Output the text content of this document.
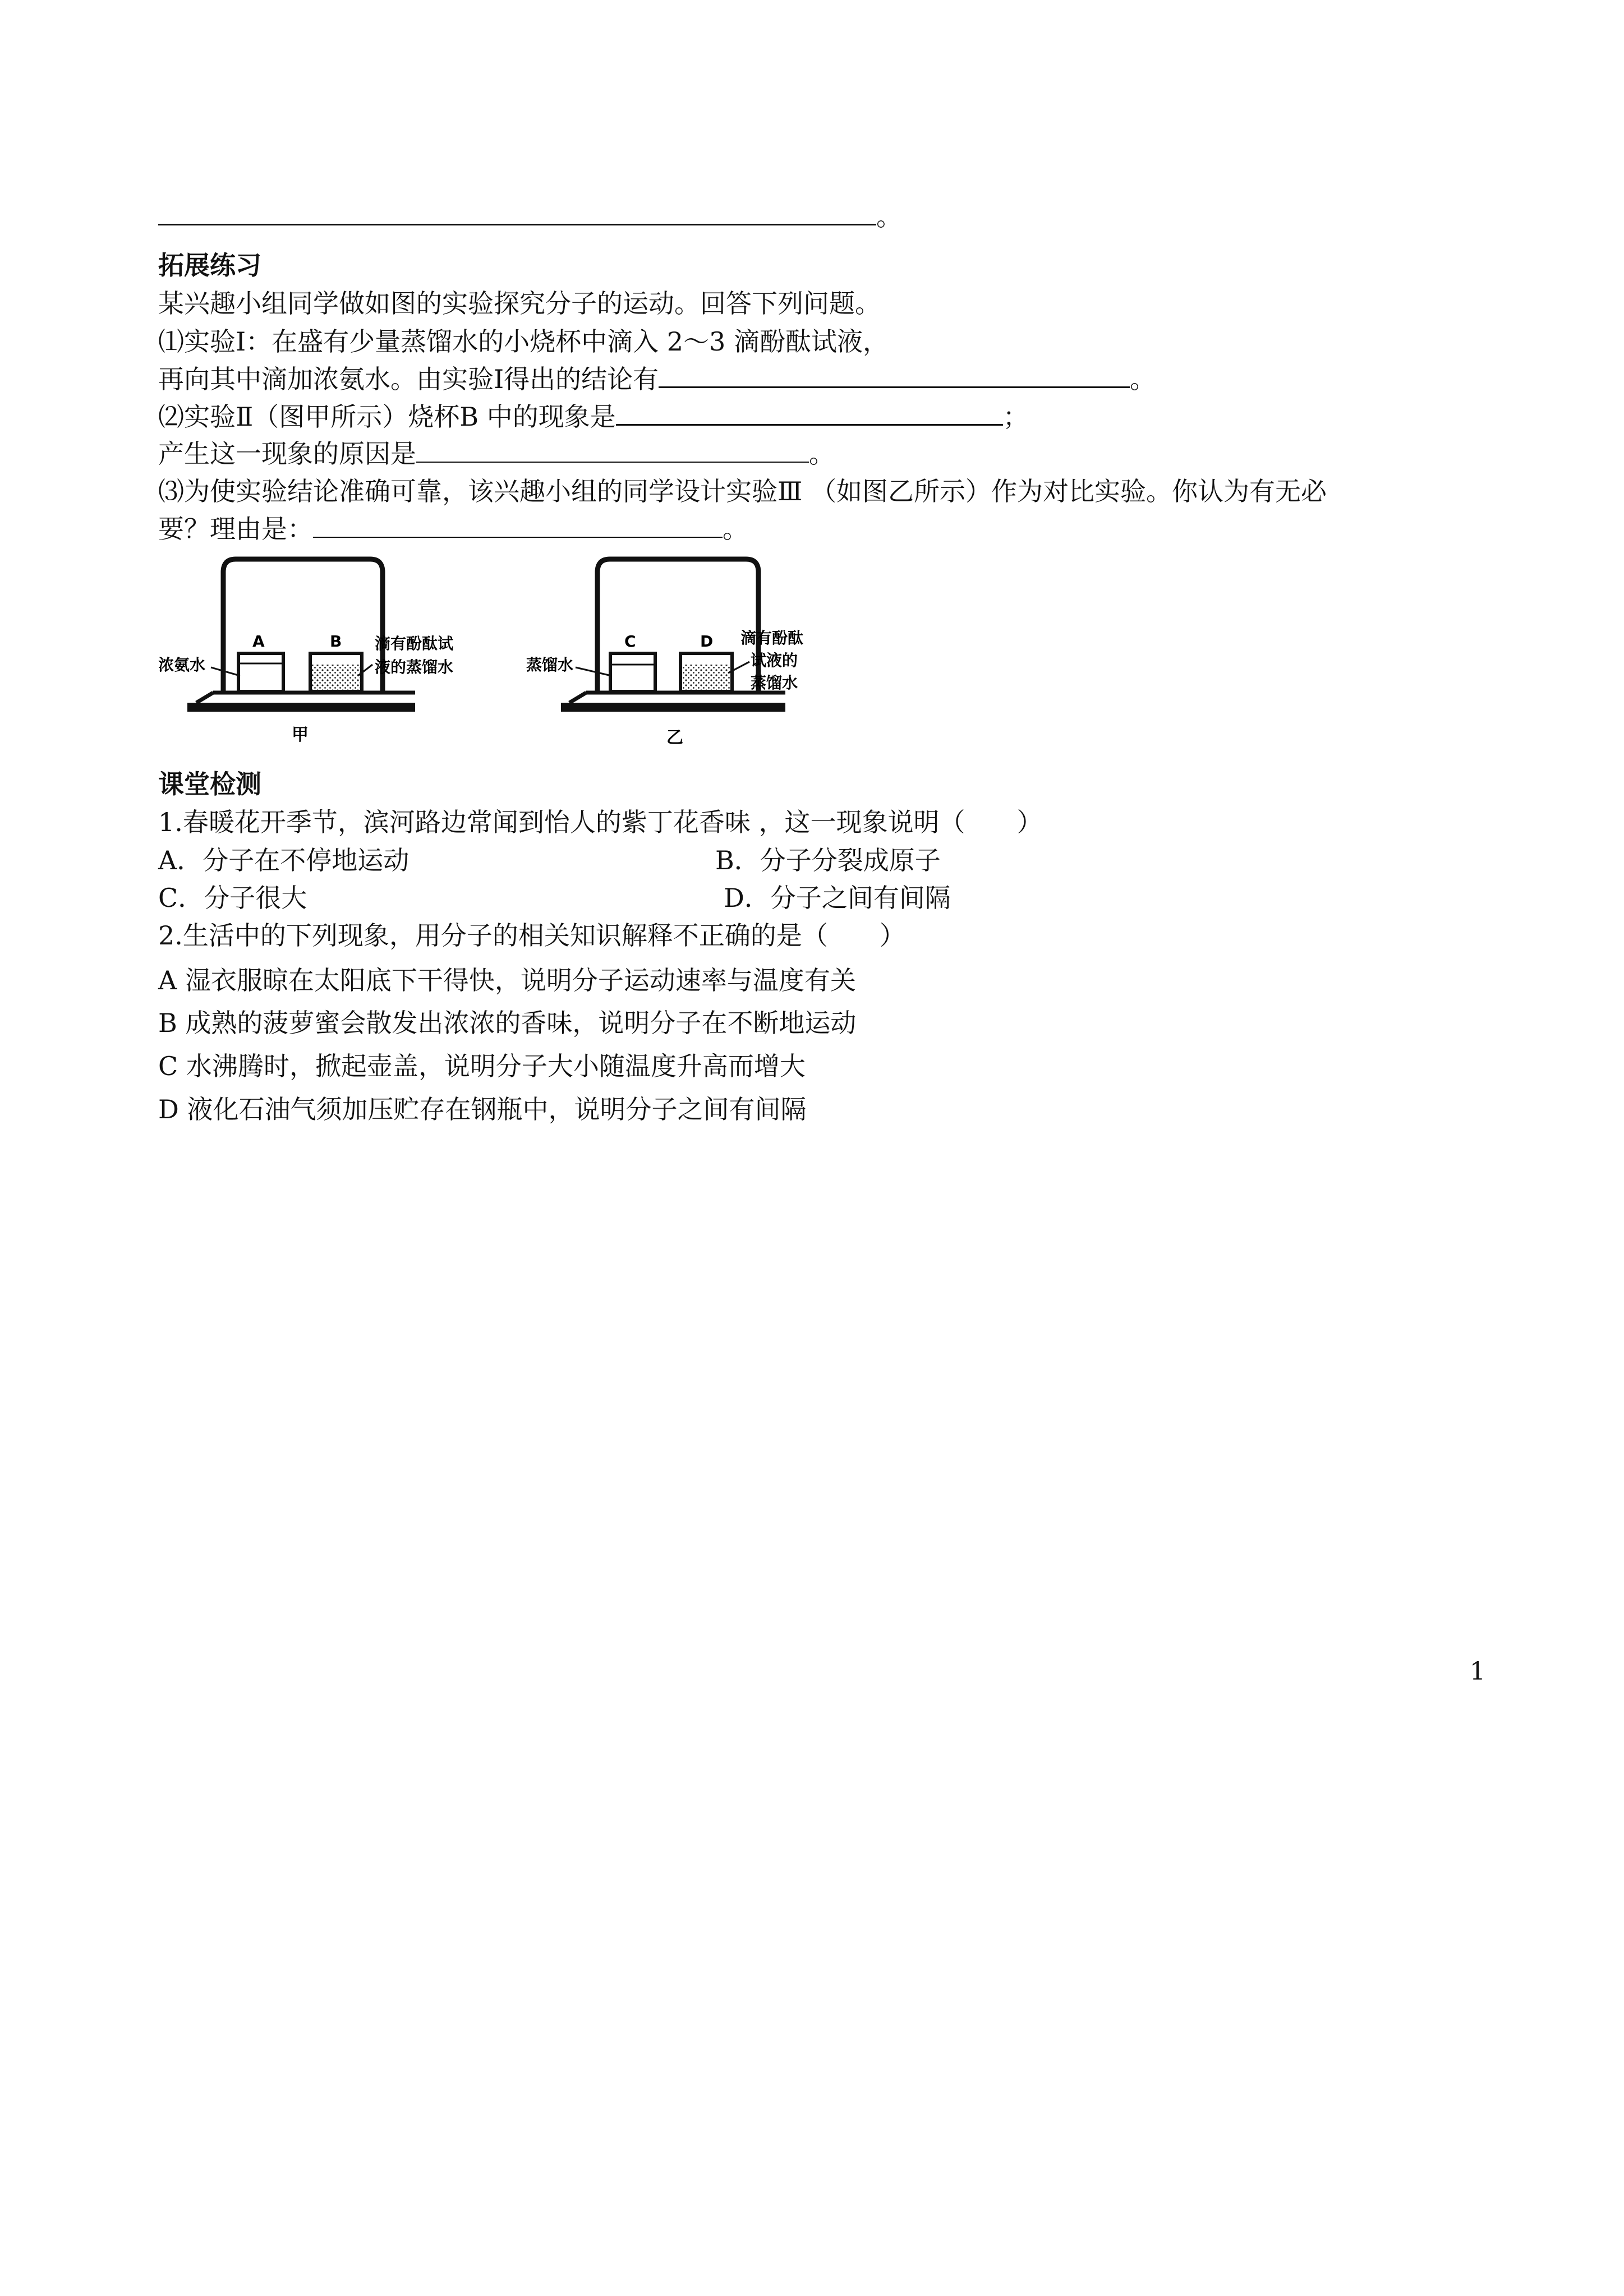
。
拓展练习
某兴趣小组同学做如图的实验探究分子的运动。回答下列问题。
⑴实验Ⅰ：在盛有少量蒸馏水的小烧杯中滴入 2～3 滴酚酞试液，
再向其中滴加浓氨水。由实验Ⅰ得出的结论有	。
⑵实验Ⅱ（图甲所示）烧杯B 中的现象是	；
产生这一现象的原因是	。
⑶为使实验结论准确可靠，该兴趣小组的同学设计实验Ⅲ （如图乙所示）作为对比实验。你认为有无必
要？理由是：	。
A	B
浓氨水
滴有酚酞试
液的蒸馏水
甲
C	D
蒸馏水
滴有酚酞
试液的
蒸馏水
乙
课堂检测
1.春暖花开季节，滨河路边常闻到怡人的紫丁花香味 ，这一现象说明（　　）
A．分子在不停地运动	B．分子分裂成原子
C．分子很大	D．分子之间有间隔
2.生活中的下列现象，用分子的相关知识解释不正确的是（　　）
A 湿衣服晾在太阳底下干得快，说明分子运动速率与温度有关
B 成熟的菠萝蜜会散发出浓浓的香味，说明分子在不断地运动
C 水沸腾时，掀起壶盖，说明分子大小随温度升高而增大
D 液化石油气须加压贮存在钢瓶中，说明分子之间有间隔
1
